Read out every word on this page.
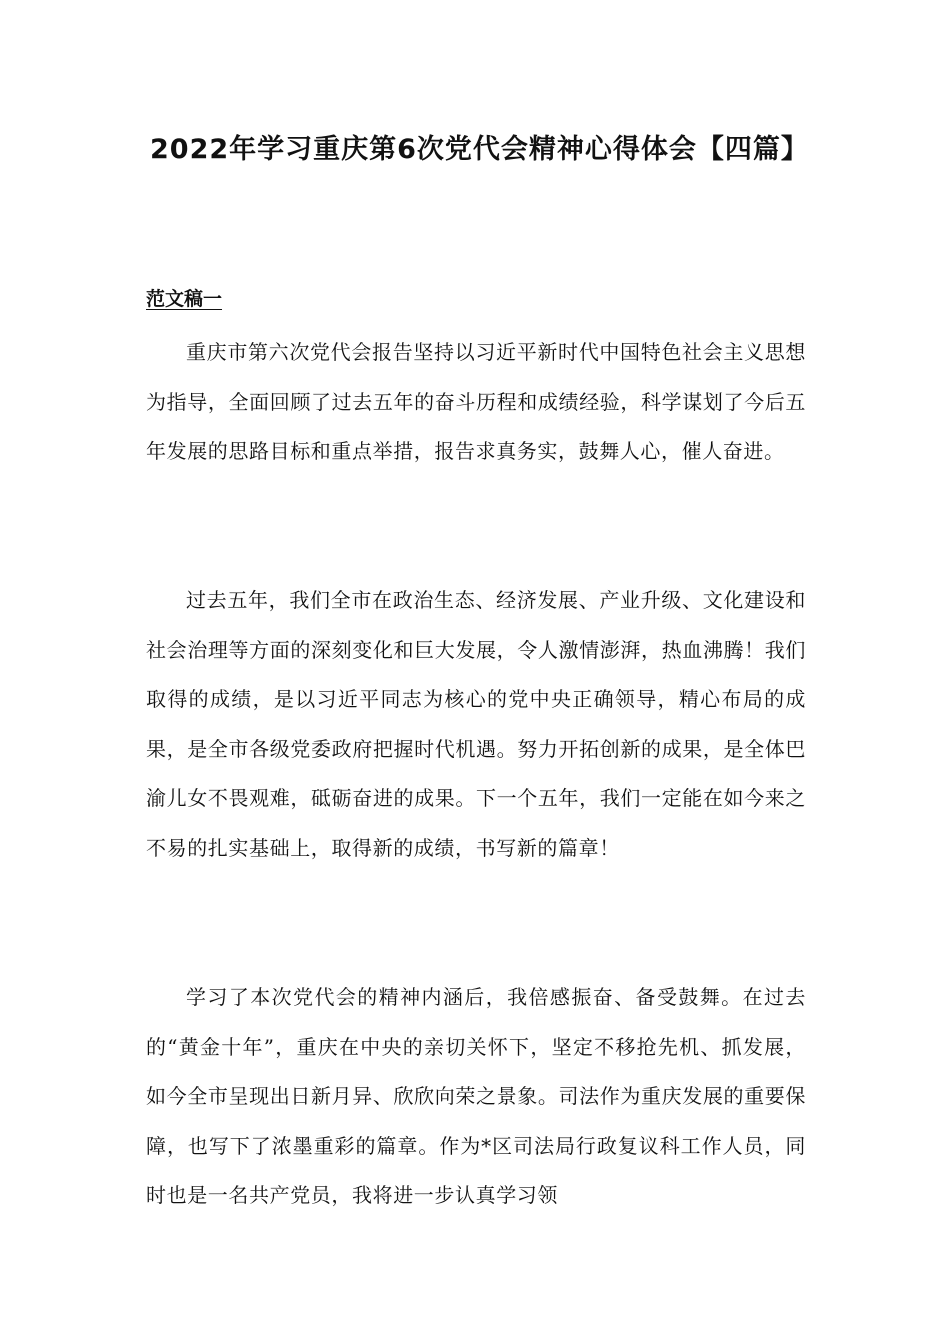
2022年学习重庆第6次党代会精神心得体会【四篇】
范文稿一

重庆市第六次党代会报告坚持以习近平新时代中国特色社会主义思想为指导，全面回顾了过去五年的奋斗历程和成绩经验，科学谋划了今后五年发展的思路目标和重点举措，报告求真务实，鼓舞人心，催人奋进。

过去五年，我们全市在政治生态、经济发展、产业升级、文化建设和社会治理等方面的深刻变化和巨大发展，令人激情澎湃，热血沸腾！我们取得的成绩，是以习近平同志为核心的党中央正确领导，精心布局的成果，是全市各级党委政府把握时代机遇。努力开拓创新的成果，是全体巴渝儿女不畏观难，砥砺奋进的成果。下一个五年，我们一定能在如今来之不易的扎实基础上，取得新的成绩，书写新的篇章！

学习了本次党代会的精神内涵后，我倍感振奋、备受鼓舞。在过去的“黄金十年”，重庆在中央的亲切关怀下，坚定不移抢先机、抓发展，如今全市呈现出日新月异、欣欣向荣之景象。司法作为重庆发展的重要保障，也写下了浓墨重彩的篇章。作为*区司法局行政复议科工作人员，同时也是一名共产党员，我将进一步认真学习领
